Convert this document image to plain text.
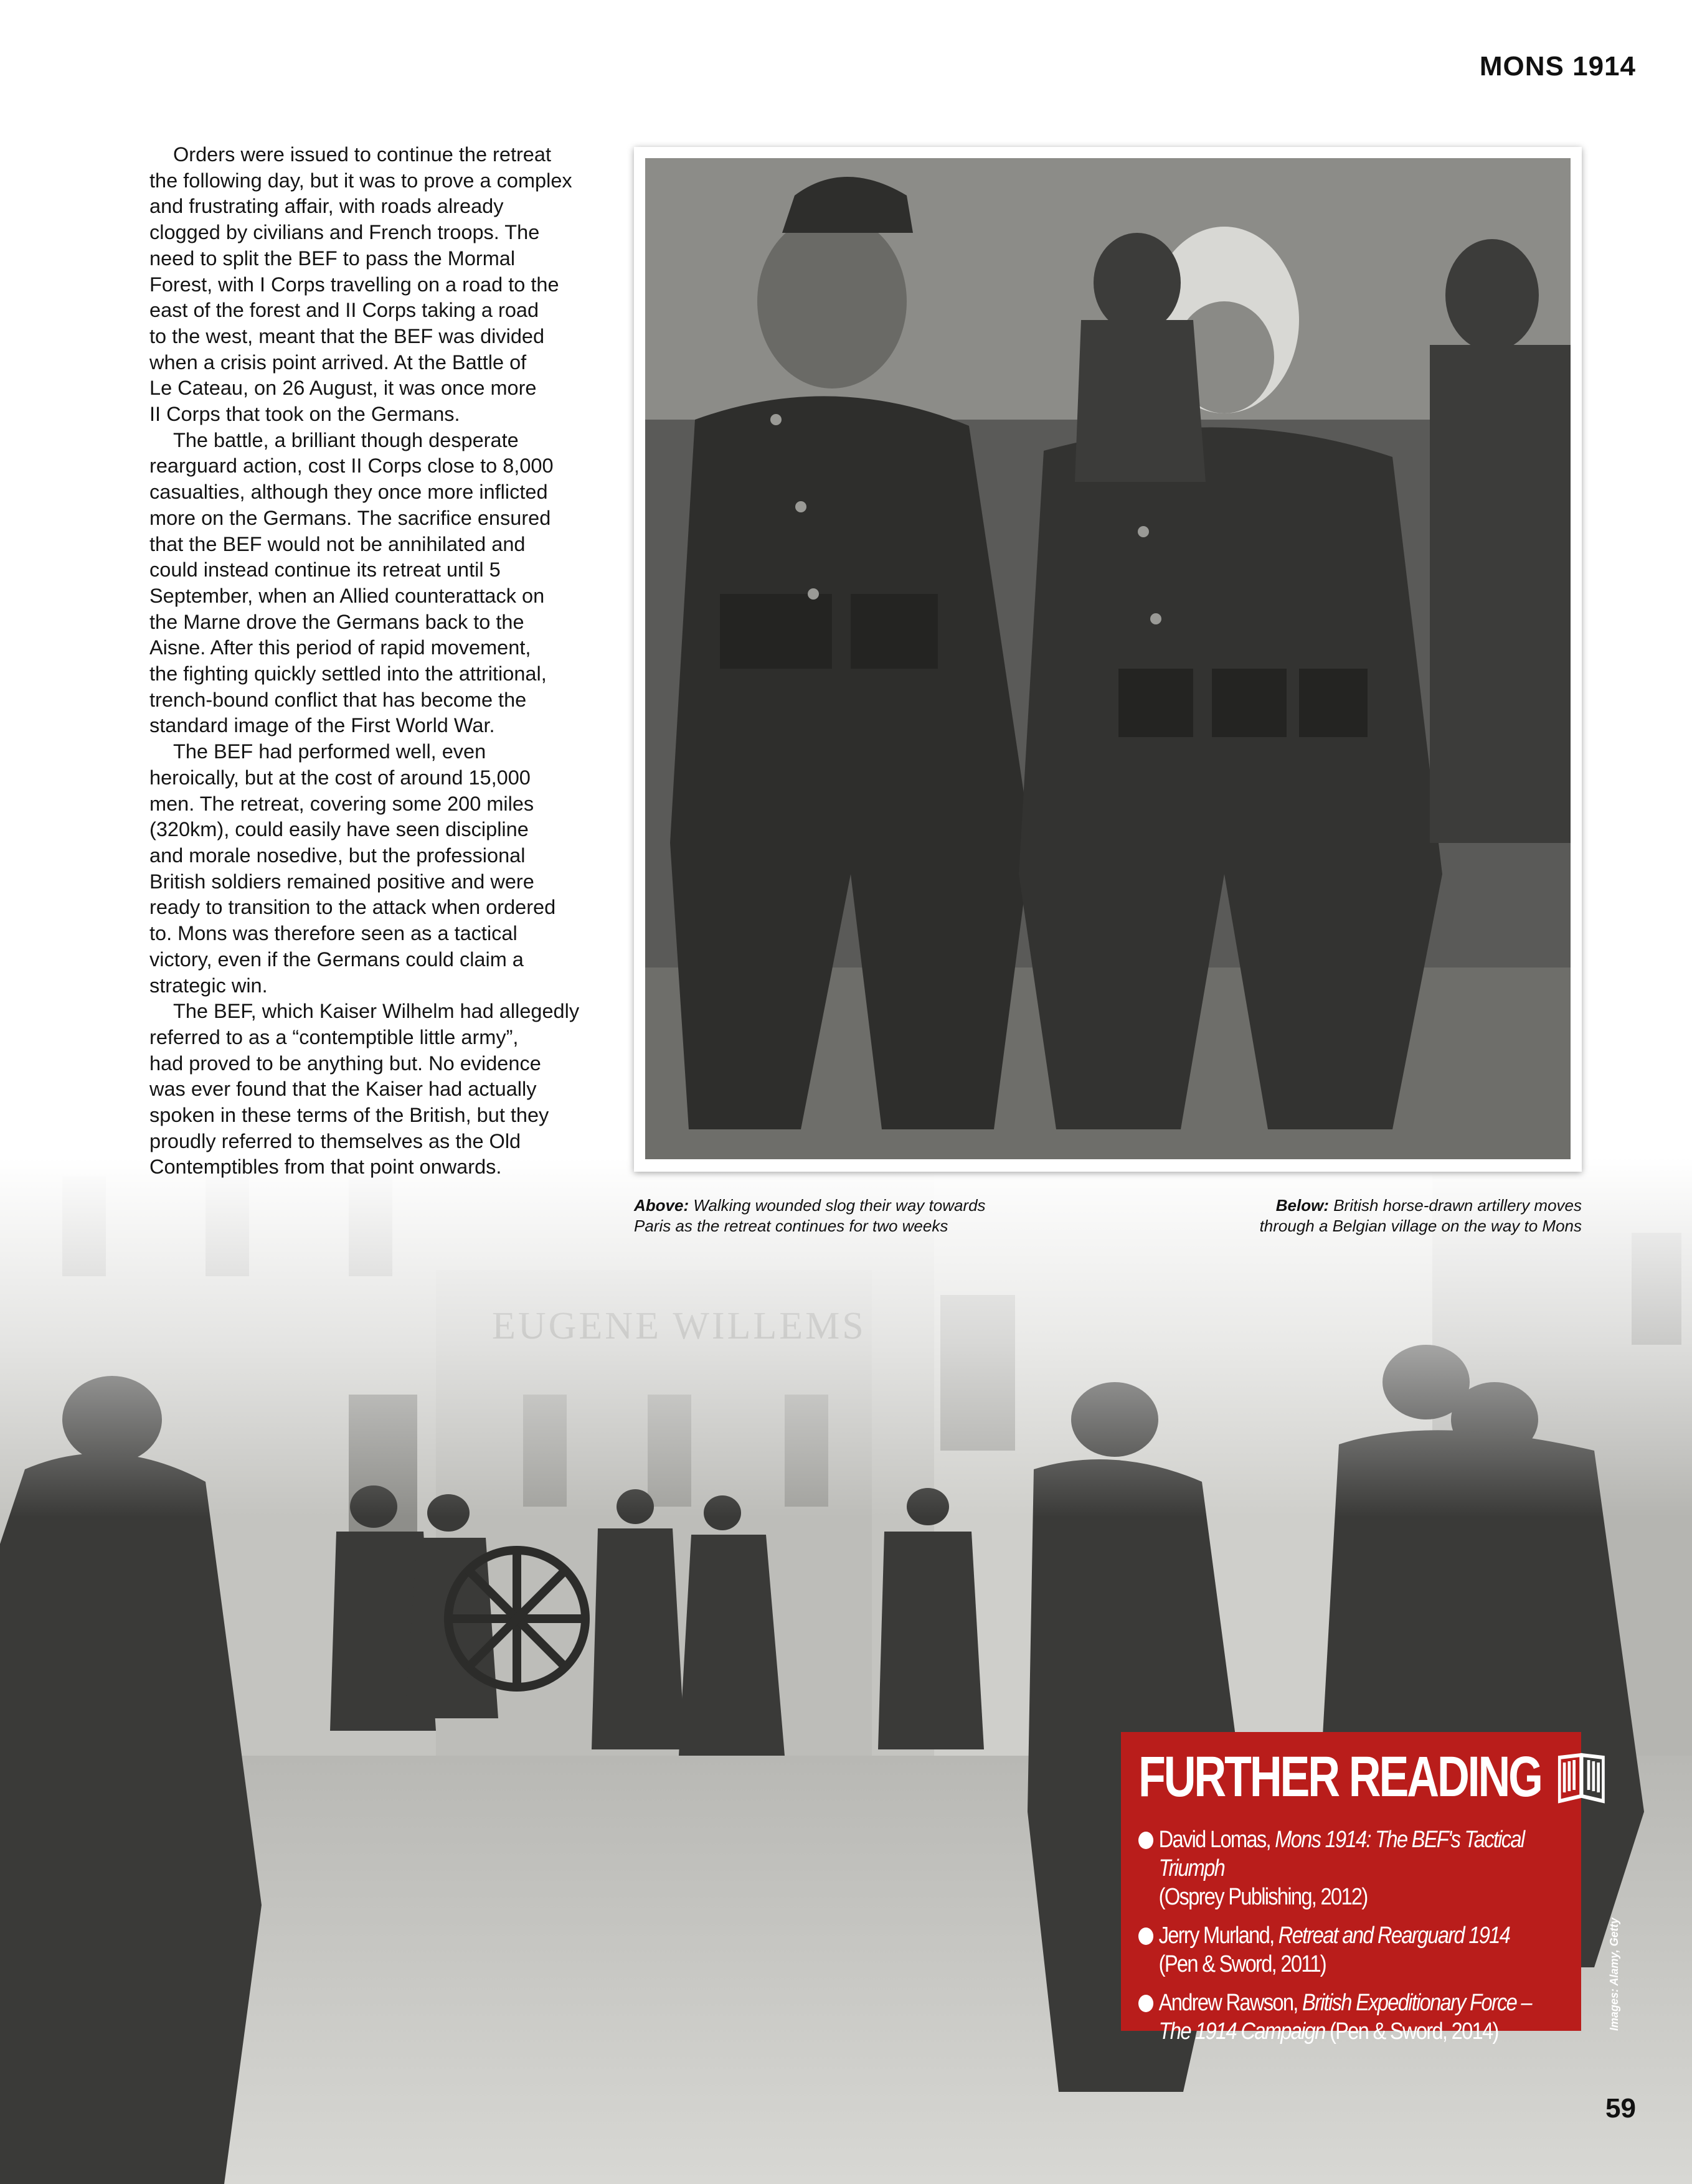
MONS 1914

Orders were issued to continue the retreat
the following day, but it was to prove a complex
and frustrating affair, with roads already
clogged by civilians and French troops. The
need to split the BEF to pass the Mormal
Forest, with I Corps travelling on a road to the
east of the forest and II Corps taking a road
to the west, meant that the BEF was divided
when a crisis point arrived. At the Battle of
Le Cateau, on 26 August, it was once more
II Corps that took on the Germans.

The battle, a brilliant though desperate
rearguard action, cost II Corps close to 8,000
casualties, although they once more inflicted
more on the Germans. The sacrifice ensured
that the BEF would not be annihilated and
could instead continue its retreat until 5
September, when an Allied counterattack on
the Marne drove the Germans back to the
Aisne. After this period of rapid movement,
the fighting quickly settled into the attritional,
trench-bound conflict that has become the
standard image of the First World War.

The BEF had performed well, even
heroically, but at the cost of around 15,000
men. The retreat, covering some 200 miles
(320km), could easily have seen discipline
and morale nosedive, but the professional
British soldiers remained positive and were
ready to transition to the attack when ordered
to. Mons was therefore seen as a tactical
victory, even if the Germans could claim a
strategic win.

The BEF, which Kaiser Wilhelm had allegedly
referred to as a “contemptible little army”,
had proved to be anything but. No evidence
was ever found that the Kaiser had actually
spoken in these terms of the British, but they
proudly referred to themselves as the Old
Contemptibles from that point onwards.

Above: Walking wounded slog their way towards
Paris as the retreat continues for two weeks
Below: British horse-drawn artillery moves
through a Belgian village on the way to Mons
FURTHER READING
David Lomas, Mons 1914: The BEF's Tactical Triumph
(Osprey Publishing, 2012)
Jerry Murland, Retreat and Rearguard 1914
(Pen & Sword, 2011)
Andrew Rawson, British Expeditionary Force – The 1914 Campaign (Pen & Sword, 2014)
Images: Alamy, Getty
59
